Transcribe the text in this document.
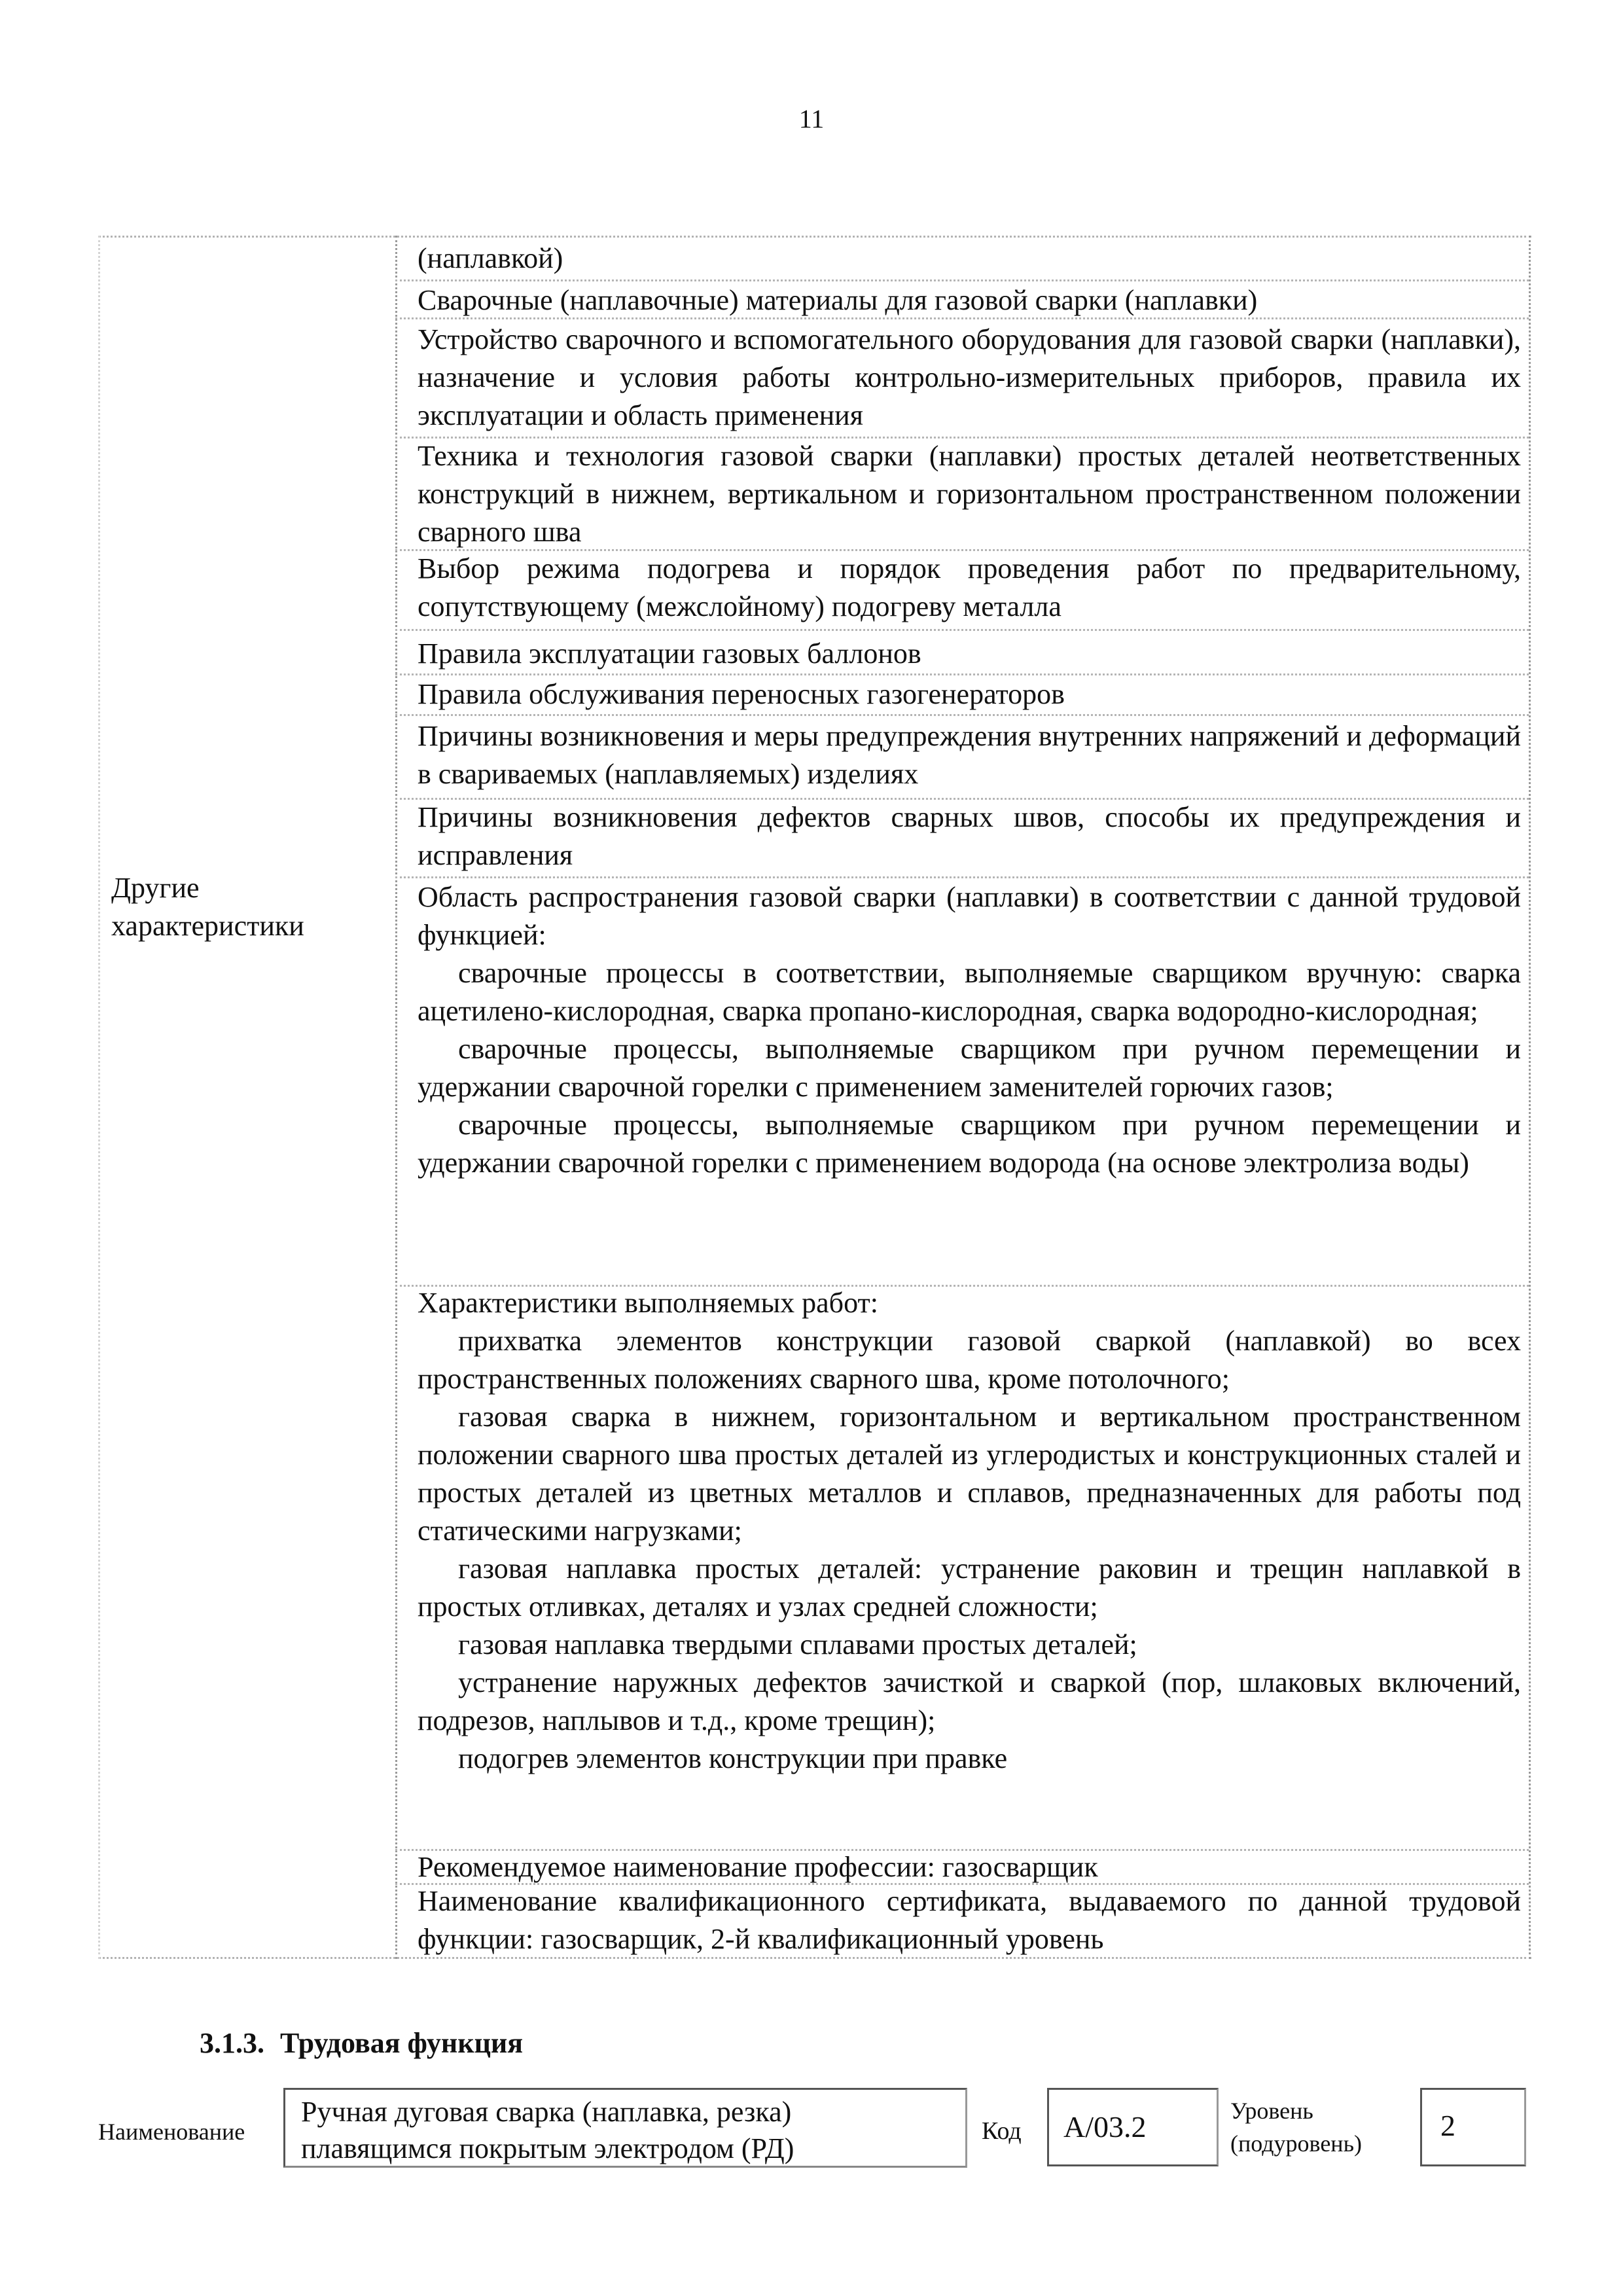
11
Другие
характеристики
(наплавкой)
Сварочные (наплавочные) материалы для газовой сварки (наплавки)
Устройство сварочного и вспомогательного оборудования для газовой сварки (наплавки), назначение и условия работы контрольно-измерительных приборов, правила их эксплуатации и область применения
Техника и технология газовой сварки (наплавки) простых деталей неответственных конструкций в нижнем, вертикальном и горизонтальном пространственном положении сварного шва
Выбор режима подогрева и порядок проведения работ по предварительному, сопутствующему (межслойному) подогреву металла
Правила эксплуатации газовых баллонов
Правила обслуживания переносных газогенераторов
Причины возникновения и меры предупреждения внутренних напряжений и деформаций в свариваемых (наплавляемых) изделиях
Причины возникновения дефектов сварных швов, способы их предупреждения и исправления

Область распространения газовой сварки (наплавки) в соответствии с данной трудовой функцией:

сварочные процессы в соответствии, выполняемые сварщиком вручную: сварка ацетилено-кислородная, сварка пропано-кислородная, сварка водородно-кислородная;

сварочные процессы, выполняемые сварщиком при ручном перемещении и удержании сварочной горелки с применением заменителей горючих газов;

сварочные процессы, выполняемые сварщиком при ручном перемещении и удержании сварочной горелки с применением водорода (на основе электролиза воды)

Характеристики выполняемых работ:

прихватка элементов конструкции газовой сваркой (наплавкой) во всех пространственных положениях сварного шва, кроме потолочного;

газовая сварка в нижнем, горизонтальном и вертикальном пространственном положении сварного шва простых деталей из углеродистых и конструкционных сталей и простых деталей из цветных металлов и сплавов, предназначенных для работы под статическими нагрузками;

газовая наплавка простых деталей: устранение раковин и трещин наплавкой в простых отливках, деталях и узлах средней сложности;

газовая наплавка твердыми сплавами простых деталей;

устранение наружных дефектов зачисткой и сваркой (пор, шлаковых включений, подрезов, наплывов и т.д., кроме трещин);

подогрев элементов конструкции при правке

Рекомендуемое наименование профессии: газосварщик
Наименование квалификационного сертификата, выдаваемого по данной трудовой функции: газосварщик, 2-й квалификационный уровень
3.1.3. Трудовая функция
Наименование
Ручная дуговая сварка (наплавка, резка)
плавящимся покрытым электродом (РД)
Код	А/03.2	Уровень
(подуровень)
2
